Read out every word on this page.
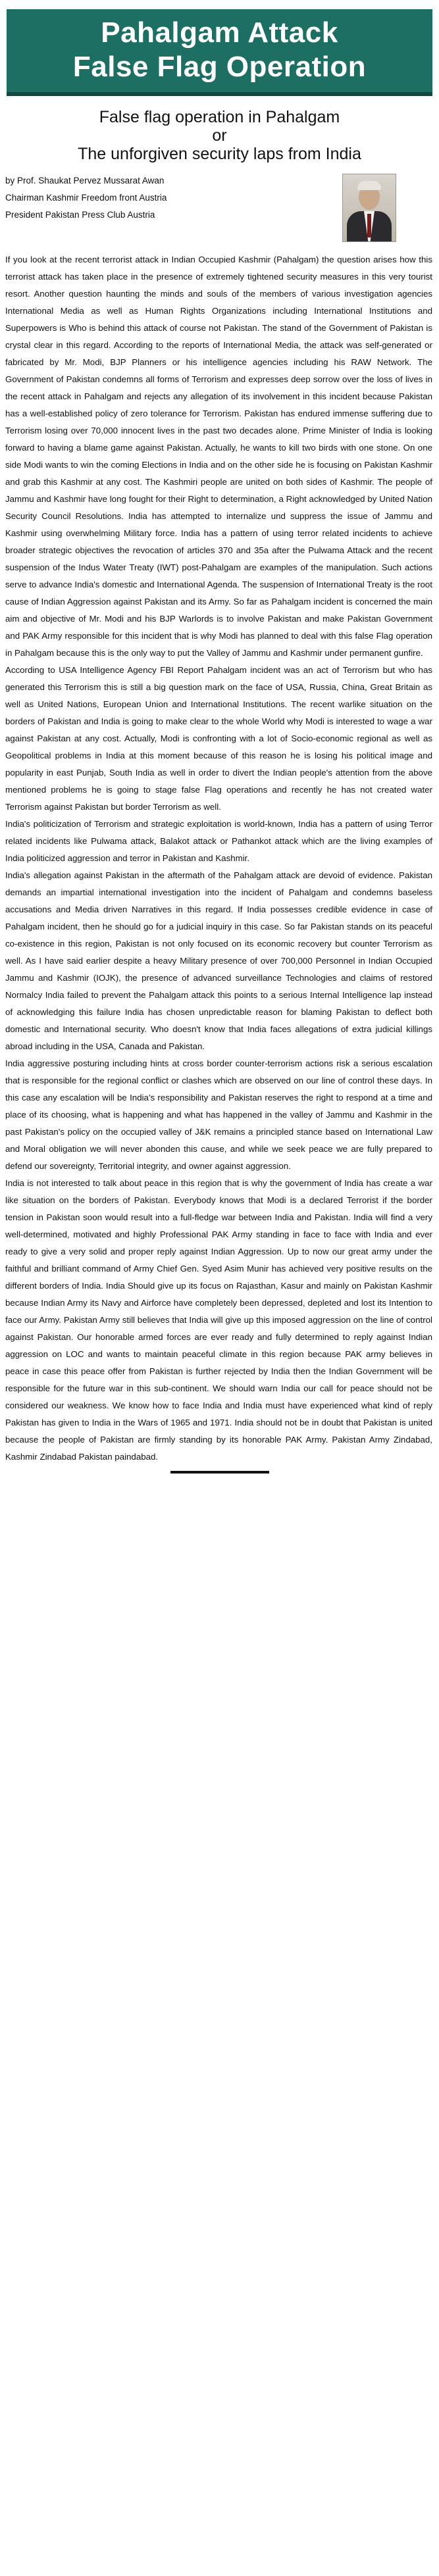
Pahalgam Attack
False Flag Operation
False flag operation in Pahalgam
or
The unforgiven security laps from India
by Prof. Shaukat Pervez Mussarat Awan
Chairman Kashmir Freedom front Austria
President Pakistan Press Club Austria

If you look at the recent terrorist attack in Indian Occupied Kashmir (Pahalgam) the question arises how this terrorist attack has taken place in the presence of extremely tightened security measures in this very tourist resort. Another question haunting the minds and souls of the members of various investigation agencies International Media as well as Human Rights Organizations including International Institutions and Superpowers is Who is behind this attack of course not Pakistan. The stand of the Government of Pakistan is crystal clear in this regard. According to the reports of International Media, the attack was self-generated or fabricated by Mr. Modi, BJP Planners or his intelligence agencies including his RAW Network. The Government of Pakistan condemns all forms of Terrorism and expresses deep sorrow over the loss of lives in the recent attack in Pahalgam and rejects any allegation of its involvement in this incident because Pakistan has a well-established policy of zero tolerance for Terrorism. Pakistan has endured immense suffering due to Terrorism losing over 70,000 innocent lives in the past two decades alone. Prime Minister of India is looking forward to having a blame game against Pakistan. Actually, he wants to kill two birds with one stone. On one side Modi wants to win the coming Elections in India and on the other side he is focusing on Pakistan Kashmir and grab this Kashmir at any cost. The Kashmiri people are united on both sides of Kashmir. The people of Jammu and Kashmir have long fought for their Right to determination, a Right acknowledged by United Nation Security Council Resolutions. India has attempted to internalize und suppress the issue of Jammu and Kashmir using overwhelming Military force. India has a pattern of using terror related incidents to achieve broader strategic objectives the revocation of articles 370 and 35a after the Pulwama Attack and the recent suspension of the Indus Water Treaty (IWT) post-Pahalgam are examples of the manipulation. Such actions serve to advance India's domestic and International Agenda. The suspension of International Treaty is the root cause of Indian Aggression against Pakistan and its Army. So far as Pahalgam incident is concerned the main aim and objective of Mr. Modi and his BJP Warlords is to involve Pakistan and make Pakistan Government and PAK Army responsible for this incident that is why Modi has planned to deal with this false Flag operation in Pahalgam because this is the only way to put the Valley of Jammu and Kashmir under permanent gunfire.

According to USA Intelligence Agency FBI Report Pahalgam incident was an act of Terrorism but who has generated this Terrorism this is still a big question mark on the face of USA, Russia, China, Great Britain as well as United Nations, European Union and International Institutions. The recent warlike situation on the borders of Pakistan and India is going to make clear to the whole World why Modi is interested to wage a war against Pakistan at any cost. Actually, Modi is confronting with a lot of Socio-economic regional as well as Geopolitical problems in India at this moment because of this reason he is losing his political image and popularity in east Punjab, South India as well in order to divert the Indian people's attention from the above mentioned problems he is going to stage false Flag operations and recently he has not created water Terrorism against Pakistan but border Terrorism as well.

India's politicization of Terrorism and strategic exploitation is world-known, India has a pattern of using Terror related incidents like Pulwama attack, Balakot attack or Pathankot attack which are the living examples of India politicized aggression and terror in Pakistan and Kashmir.

India's allegation against Pakistan in the aftermath of the Pahalgam attack are devoid of evidence. Pakistan demands an impartial international investigation into the incident of Pahalgam and condemns baseless accusations and Media driven Narratives in this regard. If India possesses credible evidence in case of Pahalgam incident, then he should go for a judicial inquiry in this case. So far Pakistan stands on its peaceful co-existence in this region, Pakistan is not only focused on its economic recovery but counter Terrorism as well. As I have said earlier despite a heavy Military presence of over 700,000 Personnel in Indian Occupied Jammu and Kashmir (IOJK), the presence of advanced surveillance Technologies and claims of restored Normalcy India failed to prevent the Pahalgam attack this points to a serious Internal Intelligence lap instead of acknowledging this failure India has chosen unpredictable reason for blaming Pakistan to deflect both domestic and International security. Who doesn't know that India faces allegations of extra judicial killings abroad including in the USA, Canada and Pakistan.

India aggressive posturing including hints at cross border counter-terrorism actions risk a serious escalation that is responsible for the regional conflict or clashes which are observed on our line of control these days. In this case any escalation will be India's responsibility and Pakistan reserves the right to respond at a time and place of its choosing, what is happening and what has happened in the valley of Jammu and Kashmir in the past Pakistan's policy on the occupied valley of J&K remains a principled stance based on International Law and Moral obligation we will never abonden this cause, and while we seek peace we are fully prepared to defend our sovereignty, Territorial integrity, and owner against aggression.

India is not interested to talk about peace in this region that is why the government of India has create a war like situation on the borders of Pakistan. Everybody knows that Modi is a declared Terrorist if the border tension in Pakistan soon would result into a full-fledge war between India and Pakistan. India will find a very well-determined, motivated and highly Professional PAK Army standing in face to face with India and ever ready to give a very solid and proper reply against Indian Aggression. Up to now our great army under the faithful and brilliant command of Army Chief Gen. Syed Asim Munir has achieved very positive results on the different borders of India. India Should give up its focus on Rajasthan, Kasur and mainly on Pakistan Kashmir because Indian Army its Navy and Airforce have completely been depressed, depleted and lost its Intention to face our Army. Pakistan Army still believes that India will give up this imposed aggression on the line of control against Pakistan. Our honorable armed forces are ever ready and fully determined to reply against Indian aggression on LOC and wants to maintain peaceful climate in this region because PAK army believes in peace in case this peace offer from Pakistan is further rejected by India then the Indian Government will be responsible for the future war in this sub-continent. We should warn India our call for peace should not be considered our weakness. We know how to face India and India must have experienced what kind of reply Pakistan has given to India in the Wars of 1965 and 1971. India should not be in doubt that Pakistan is united because the people of Pakistan are firmly standing by its honorable PAK Army. Pakistan Army Zindabad, Kashmir Zindabad Pakistan paindabad.
